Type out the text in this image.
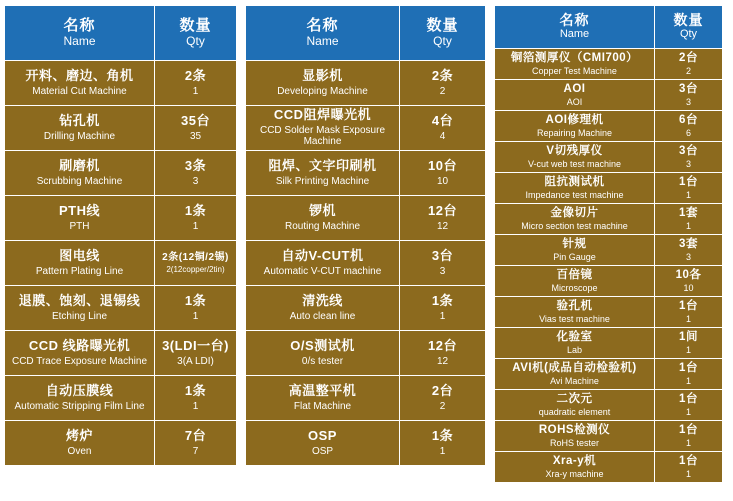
名称
Name	数量
Qty

开料、磨边、角机
Material Cut Machine	2条
1

钻孔机
Drilling Machine	35台
35

刷磨机
Scrubbing Machine	3条
3

PTH线
PTH	1条
1

图电线
Pattern Plating Line	2条(12铜/2锡)
2(12copper/2tin)

退膜、蚀刻、退锡线
Etching Line	1条
1

CCD 线路曝光机
CCD Trace Exposure Machine	3(LDI一台)
3(A LDI)

自动压膜线
Automatic Stripping Film Line	1条
1

烤炉
Oven	7台
7
名称
Name	数量
Qty

显影机
Developing Machine	2条
2

CCD阻焊曝光机
CCD Solder Mask Exposure Machine	4台
4

阻焊、文字印刷机
Silk Printing Machine	10台
10

锣机
Routing Machine	12台
12

自动V-CUT机
Automatic V-CUT machine	3台
3

清洗线
Auto clean line	1条
1

O/S测试机
0/s tester	12台
12

高温整平机
Flat Machine	2台
2

OSP
OSP	1条
1
名称
Name	数量
Qty

铜箔测厚仪（CMI700）
Copper Test Machine	2台
2

AOI
AOI	3台
3

AOI修理机
Repairing Machine	6台
6

V切残厚仪
V-cut web test machine	3台
3

阻抗测试机
Impedance test machine	1台
1

金像切片
Micro section test machine	1套
1

针规
Pin Gauge	3套
3

百倍镜
Microscope	10各
10

验孔机
Vias test machine	1台
1

化验室
Lab	1间
1

AVI机(成品自动检验机)
Avi Machine	1台
1

二次元
quadratic element	1台
1

ROHS检测仪
RoHS tester	1台
1

Xra-y机
Xra-y machine	1台
1
